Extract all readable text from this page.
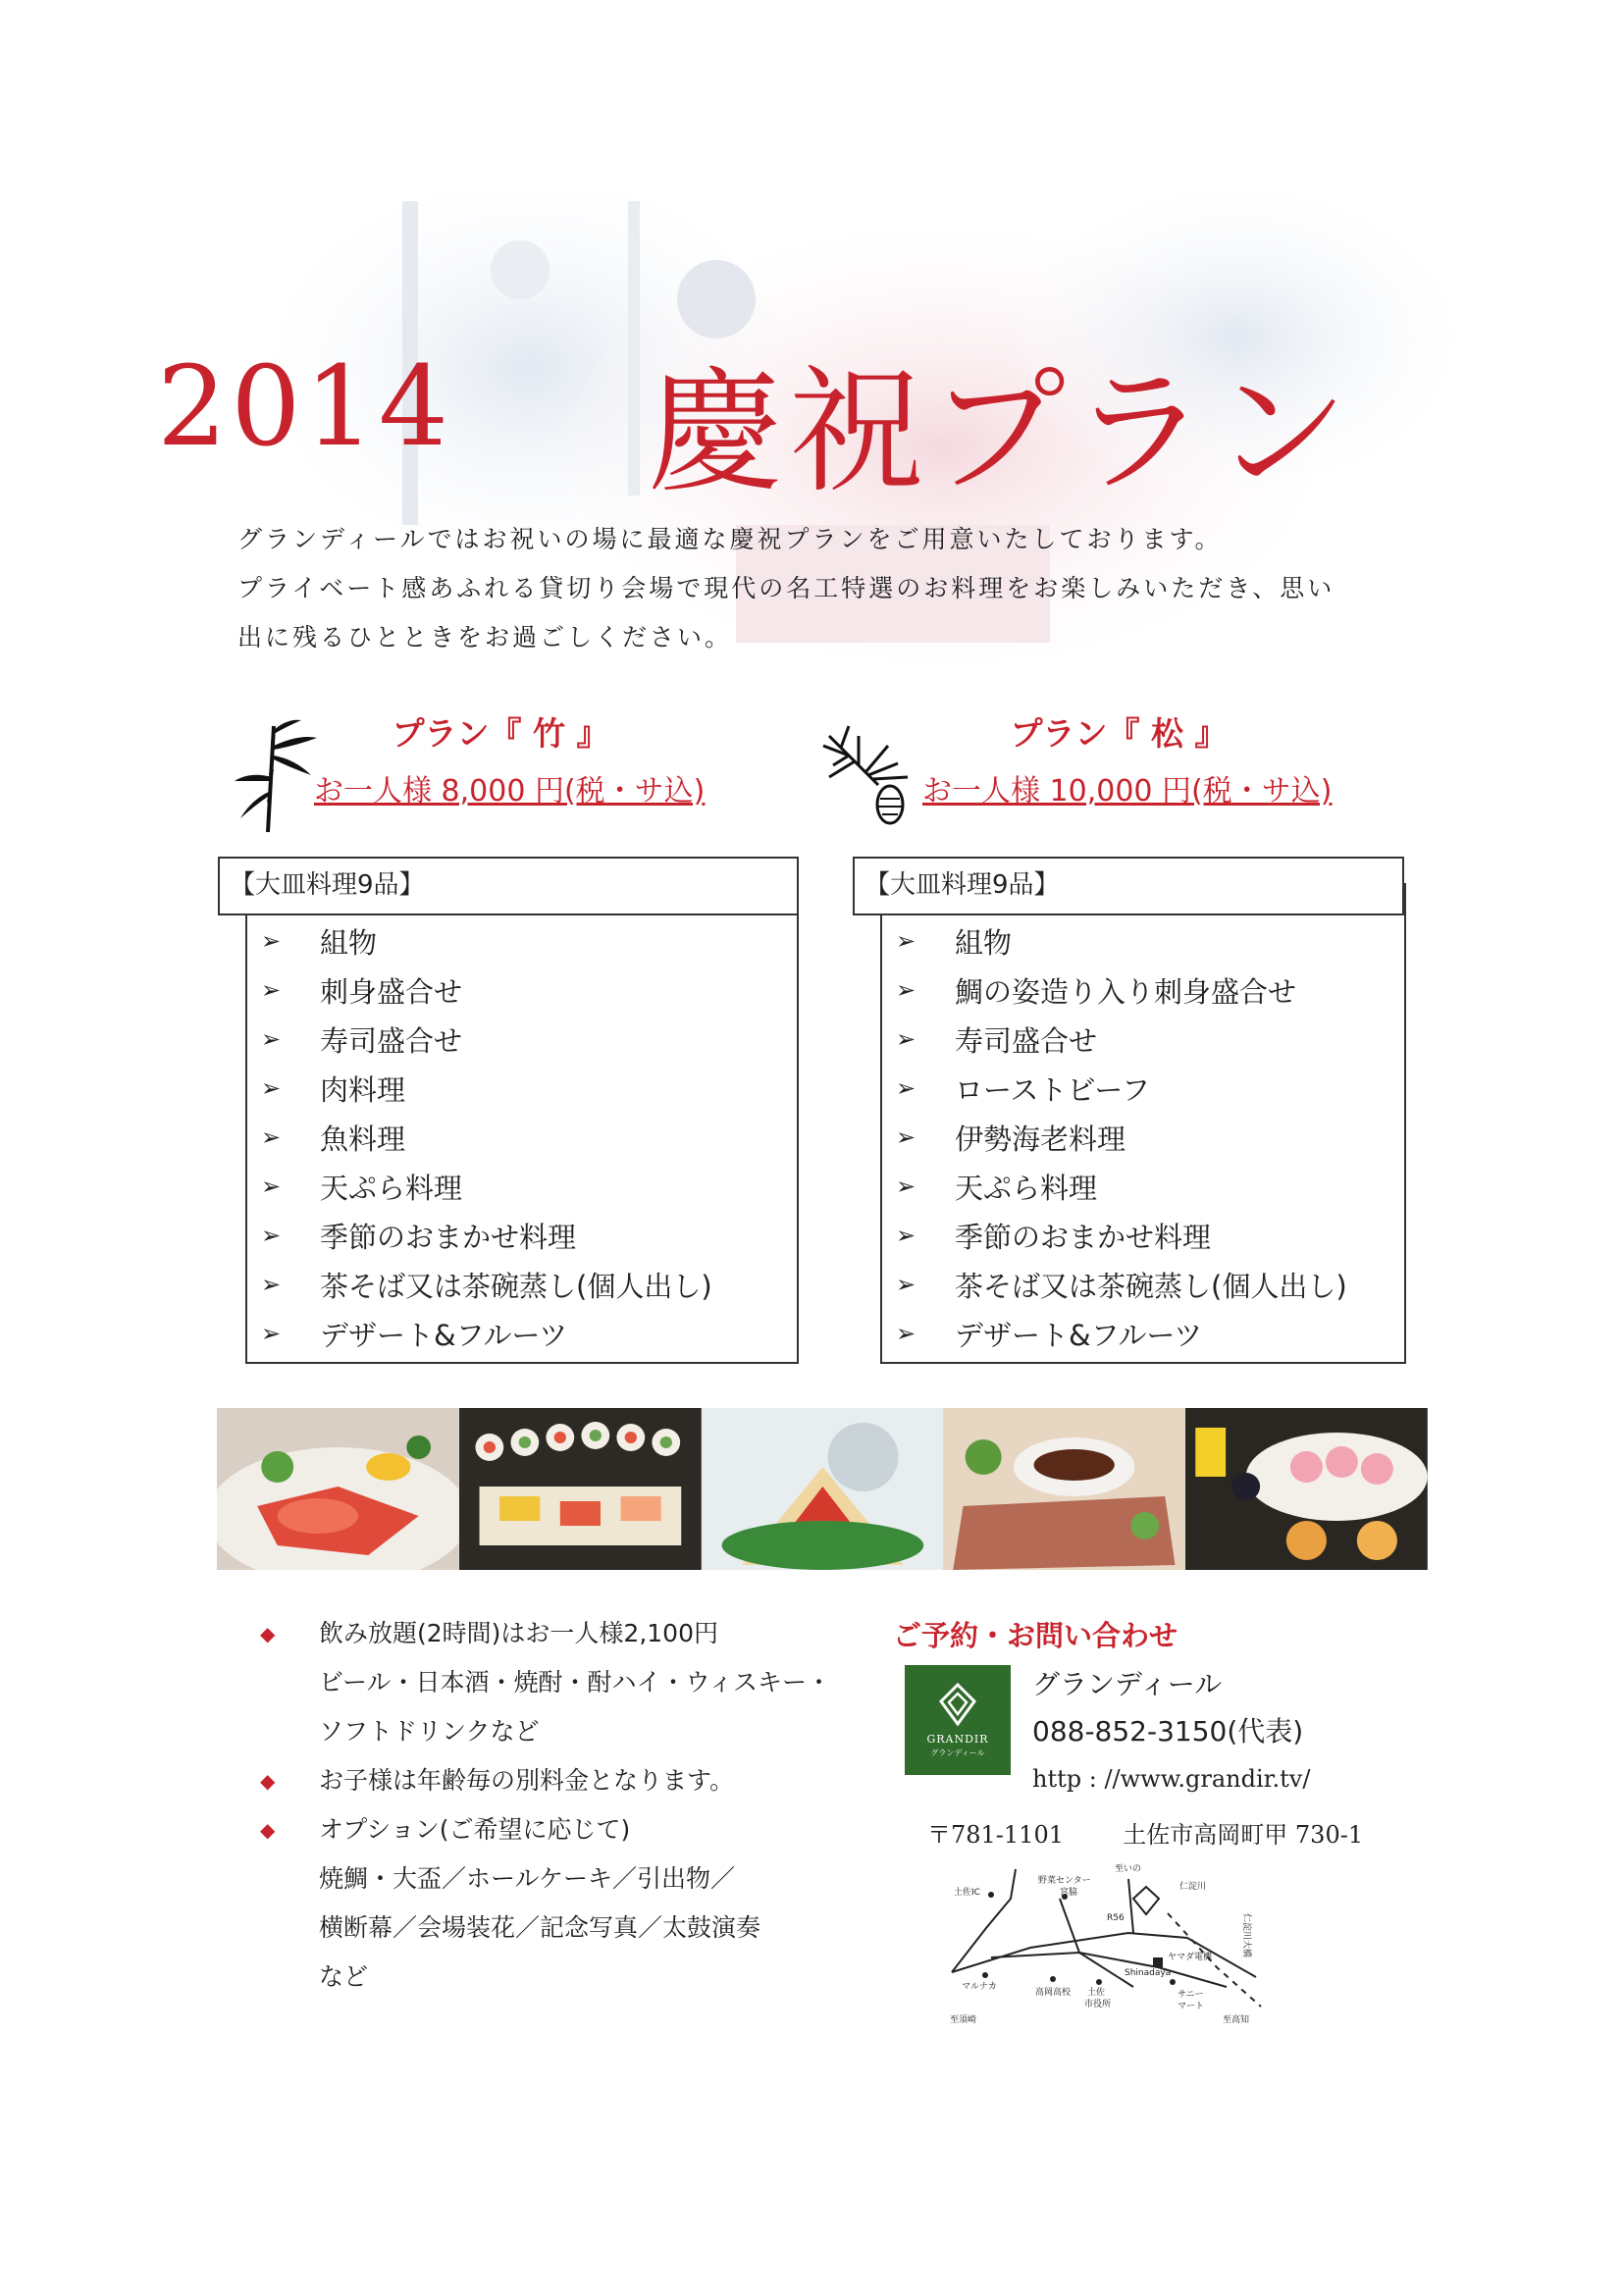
2014 慶祝プラン
グランディールではお祝いの場に最適な慶祝プランをご用意いたしております。
プライベート感あふれる貸切り会場で現代の名工特選のお料理をお楽しみいただき、思い
出に残るひとときをお過ごしください。
プラン『 竹 』
お一人様 8,000 円(税・サ込)
プラン『 松 』
お一人様 10,000 円(税・サ込)
➢	組物
➢	刺身盛合せ
➢	寿司盛合せ
➢	肉料理
➢	魚料理
➢	天ぷら料理
➢	季節のおまかせ料理
➢	茶そば又は茶碗蒸し(個人出し)
➢	デザート&フルーツ
【大皿料理9品】
➢	組物
➢	鯛の姿造り入り刺身盛合せ
➢	寿司盛合せ
➢	ローストビーフ
➢	伊勢海老料理
➢	天ぷら料理
➢	季節のおまかせ料理
➢	茶そば又は茶碗蒸し(個人出し)
➢	デザート&フルーツ
【大皿料理9品】
◆	飲み放題(2時間)はお一人様2,100円
ビール・日本酒・焼酎・酎ハイ・ウィスキー・
ソフトドリンクなど
◆	お子様は年齢毎の別料金となります。
◆	オプション(ご希望に応じて)
焼鯛・大盃／ホールケーキ／引出物／
横断幕／会場装花／記念写真／太鼓演奏
など
ご予約・お問い合わせ
GRANDIR
グランディール
グランディール
088-852-3150(代表)
http : //www.grandir.tv/
〒781-1101	土佐市高岡町甲 730-1
土佐IC
野菜センター
宮脇
R56
至いの
仁淀川
ヤマダ電機
マルナカ
高岡高校 土佐
市役所
Shinadaya
サニー
マート
至須崎	至高知
仁淀川大橋
